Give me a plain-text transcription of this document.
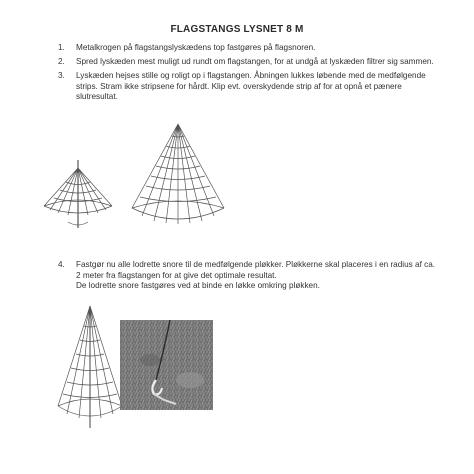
FLAGSTANGS LYSNET 8 M
1. Metalkrogen på flagstangslyskædens top fastgøres på flagsnoren.
2. Spred lyskæden mest muligt ud rundt om flagstangen, for at undgå at lyskæden filtrer sig sammen.
3. Lyskæden hejses stille og roligt op i flagstangen. Åbningen lukkes løbende med de medfølgende
strips. Stram ikke stripsene for hårdt. Klip evt. overskydende strip af for at opnå et pænere
slutresultat.
4. Fastgør nu alle lodrette snore til de medfølgende pløkker. Pløkkerne skal placeres i en radius af ca.
2 meter fra flagstangen for at give det optimale resultat.
De lodrette snore fastgøres ved at binde en løkke omkring pløkken.
